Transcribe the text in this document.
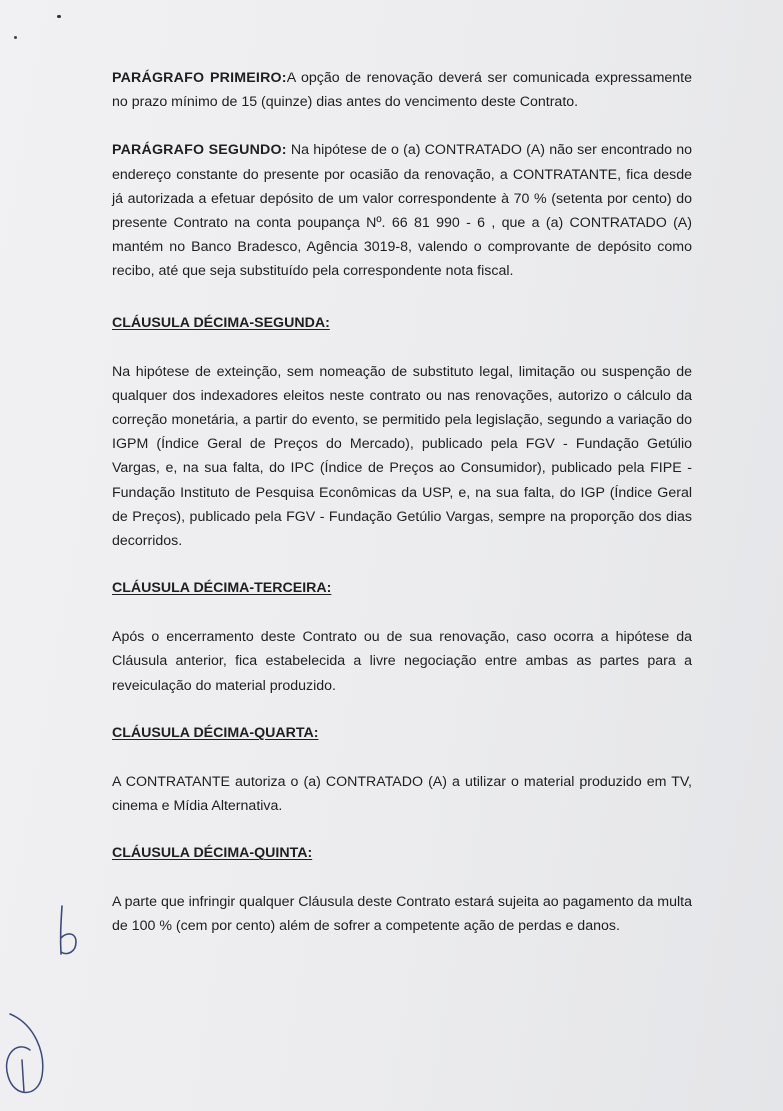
PARÁGRAFO PRIMEIRO:A opção de renovação deverá ser comunicada expressamente no prazo mínimo de 15 (quinze) dias antes do vencimento deste Contrato.

PARÁGRAFO SEGUNDO: Na hipótese de o (a) CONTRATADO (A) não ser encontrado no endereço constante do presente por ocasião da renovação, a CONTRATANTE, fica desde já autorizada a efetuar depósito de um valor correspondente à 70 % (setenta por cento) do presente Contrato na conta poupança Nº. 66 81 990 - 6 , que a (a) CONTRATADO (A) mantém no Banco Bradesco, Agência 3019-8, valendo o comprovante de depósito como recibo, até que seja substituído pela correspondente nota fiscal.

CLÁUSULA DÉCIMA-SEGUNDA:

Na hipótese de exteinção, sem nomeação de substituto legal, limitação ou suspenção de qualquer dos indexadores eleitos neste contrato ou nas renovações, autorizo o cálculo da correção monetária, a partir do evento, se permitido pela legislação, segundo a variação do IGPM (Índice Geral de Preços do Mercado), publicado pela FGV - Fundação Getúlio Vargas, e, na sua falta, do IPC (Índice de Preços ao Consumidor), publicado pela FIPE - Fundação Instituto de Pesquisa Econômicas da USP, e, na sua falta, do IGP (Índice Geral de Preços), publicado pela FGV - Fundação Getúlio Vargas, sempre na proporção dos dias decorridos.

CLÁUSULA DÉCIMA-TERCEIRA:

Após o encerramento deste Contrato ou de sua renovação, caso ocorra a hipótese da Cláusula anterior, fica estabelecida a livre negociação entre ambas as partes para a reveiculação do material produzido.

CLÁUSULA DÉCIMA-QUARTA:

A CONTRATANTE autoriza o (a) CONTRATADO (A) a utilizar o material produzido em TV, cinema e Mídia Alternativa.

CLÁUSULA DÉCIMA-QUINTA:

A parte que infringir qualquer Cláusula deste Contrato estará sujeita ao pagamento da multa de 100 % (cem por cento) além de sofrer a competente ação de perdas e danos.
